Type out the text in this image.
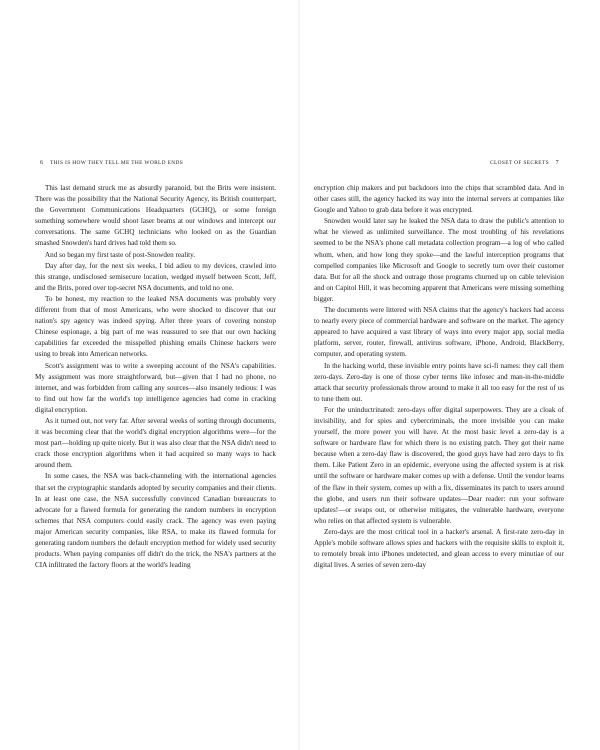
6 THIS IS HOW THEY TELL ME THE WORLD ENDS

This last demand struck me as absurdly paranoid, but the Brits were insistent. There was the possibility that the National Security Agency, its British counterpart, the Government Communications Headquarters (GCHQ), or some foreign something somewhere would shoot laser beams at our windows and intercept our conversations. The same GCHQ technicians who looked on as the Guardian smashed Snowden's hard drives had told them so.

And so began my first taste of post-Snowden reality.

Day after day, for the next six weeks, I bid adieu to my devices, crawled into this strange, undisclosed semisecure location, wedged myself between Scott, Jeff, and the Brits, pored over top-secret NSA documents, and told no one.

To be honest, my reaction to the leaked NSA documents was probably very different from that of most Americans, who were shocked to discover that our nation's spy agency was indeed spying. After three years of covering nonstop Chinese espionage, a big part of me was reassured to see that our own hacking capabilities far exceeded the misspelled phishing emails Chinese hackers were using to break into American networks.

Scott's assignment was to write a sweeping account of the NSA's capabilities. My assignment was more straightforward, but—given that I had no phone, no internet, and was forbidden from calling any sources—also insanely tedious: I was to find out how far the world's top intelligence agencies had come in cracking digital encryption.

As it turned out, not very far. After several weeks of sorting through documents, it was becoming clear that the world's digital encryption algorithms were—for the most part—holding up quite nicely. But it was also clear that the NSA didn't need to crack those encryption algorithms when it had acquired so many ways to hack around them.

In some cases, the NSA was back-channeling with the international agencies that set the cryptographic standards adopted by security companies and their clients. In at least one case, the NSA successfully convinced Canadian bureaucrats to advocate for a flawed formula for generating the random numbers in encryption schemes that NSA computers could easily crack. The agency was even paying major American security companies, like RSA, to make its flawed formula for generating random numbers the default encryption method for widely used security products. When paying companies off didn't do the trick, the NSA's partners at the CIA infiltrated the factory floors at the world's leading

CLOSET OF SECRETS 7

encryption chip makers and put backdoors into the chips that scrambled data. And in other cases still, the agency hacked its way into the internal servers at companies like Google and Yahoo to grab data before it was encrypted.

Snowden would later say he leaked the NSA data to draw the public's attention to what he viewed as unlimited surveillance. The most troubling of his revelations seemed to be the NSA's phone call metadata collection program—a log of who called whom, when, and how long they spoke—and the lawful interception programs that compelled companies like Microsoft and Google to secretly turn over their customer data. But for all the shock and outrage those programs churned up on cable television and on Capitol Hill, it was becoming apparent that Americans were missing something bigger.

The documents were littered with NSA claims that the agency's hackers had access to nearly every piece of commercial hardware and software on the market. The agency appeared to have acquired a vast library of ways into every major app, social media platform, server, router, firewall, antivirus software, iPhone, Android, BlackBerry, computer, and operating system.

In the hacking world, these invisible entry points have sci-fi names: they call them zero-days. Zero-day is one of those cyber terms like infosec and man-in-the-middle attack that security professionals throw around to make it all too easy for the rest of us to tune them out.

For the uninductrinated: zero-days offer digital superpowers. They are a cloak of invisibility, and for spies and cybercriminals, the more invisible you can make yourself, the more power you will have. At the most basic level a zero-day is a software or hardware flaw for which there is no existing patch. They got their name because when a zero-day flaw is discovered, the good guys have had zero days to fix them. Like Patient Zero in an epidemic, everyone using the affected system is at risk until the software or hardware maker comes up with a defense. Until the vendor learns of the flaw in their system, comes up with a fix, disseminates its patch to users around the globe, and users run their software updates—Dear reader: run your software updates!—or swaps out, or otherwise mitigates, the vulnerable hardware, everyone who relies on that affected system is vulnerable.

Zero-days are the most critical tool in a hacker's arsenal. A first-rate zero-day in Apple's mobile software allows spies and hackers with the requisite skills to exploit it, to remotely break into iPhones undetected, and glean access to every minutiae of our digital lives. A series of seven zero-day
